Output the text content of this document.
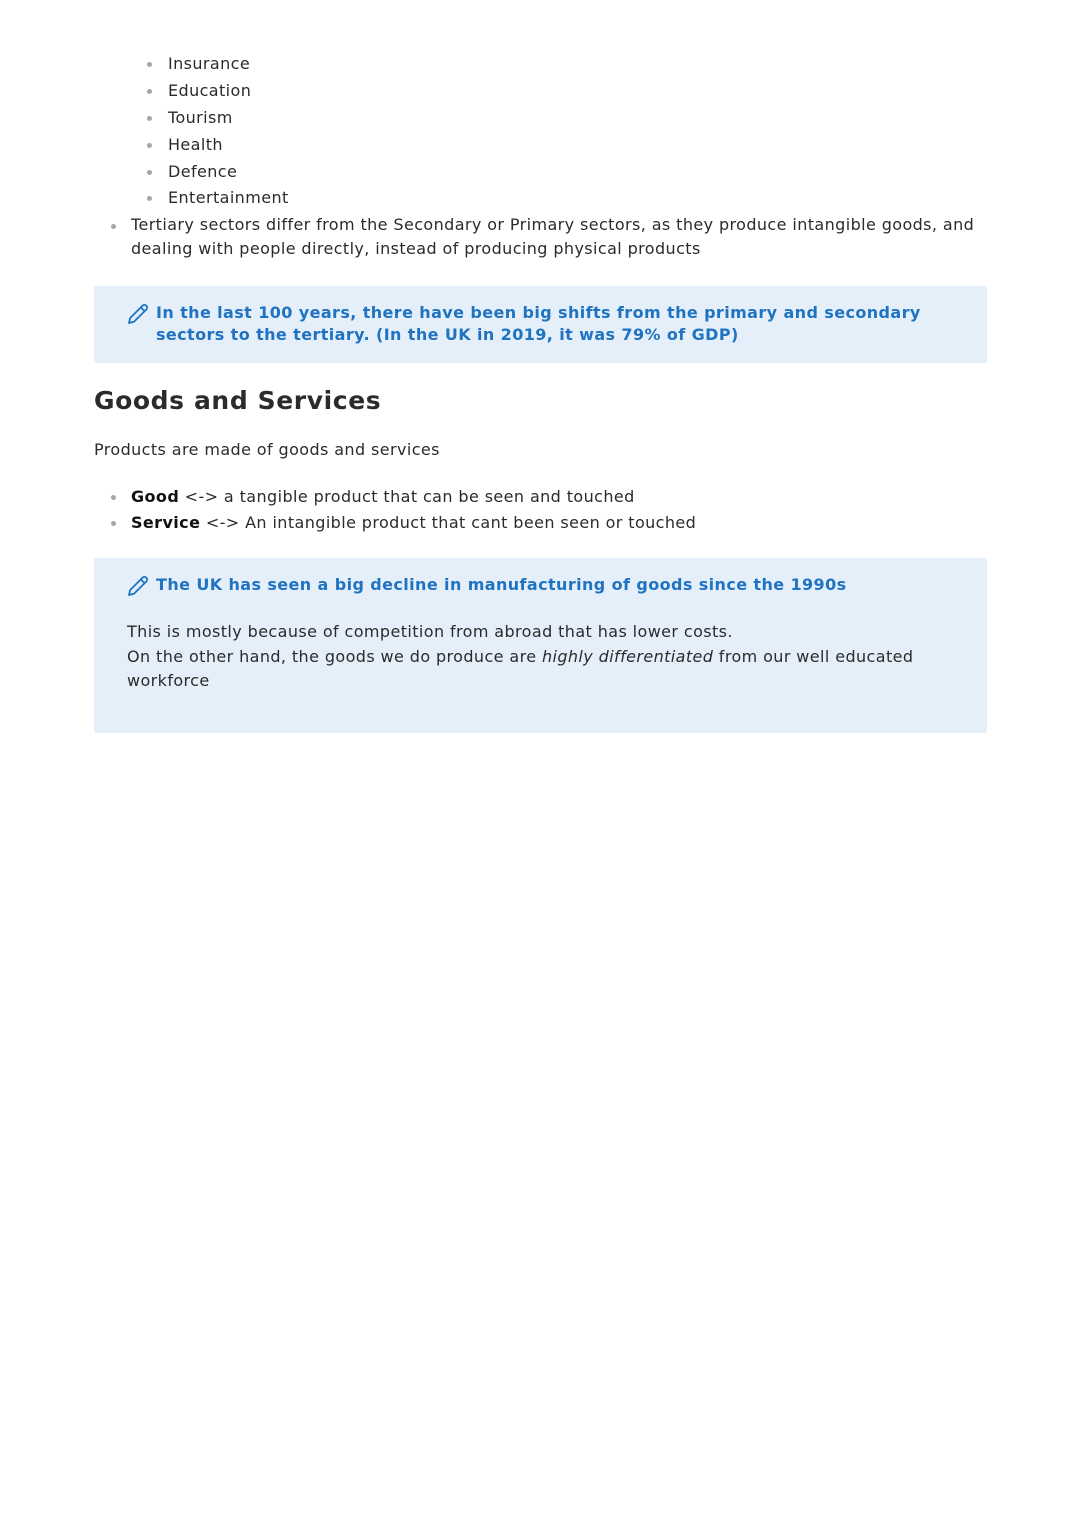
Insurance
Education
Tourism
Health
Defence
Entertainment
Tertiary sectors differ from the Secondary or Primary sectors, as they produce intangible goods, and dealing with people directly, instead of producing physical products
In the last 100 years, there have been big shifts from the primary and secondary sectors to the tertiary. (In the UK in 2019, it was 79% of GDP)
Goods and Services

Products are made of goods and services

Good <-> a tangible product that can be seen and touched
Service <-> An intangible product that cant been seen or touched
The UK has seen a big decline in manufacturing of goods since the 1990s

This is mostly because of competition from abroad that has lower costs.

On the other hand, the goods we do produce are highly differentiated from our well educated workforce
